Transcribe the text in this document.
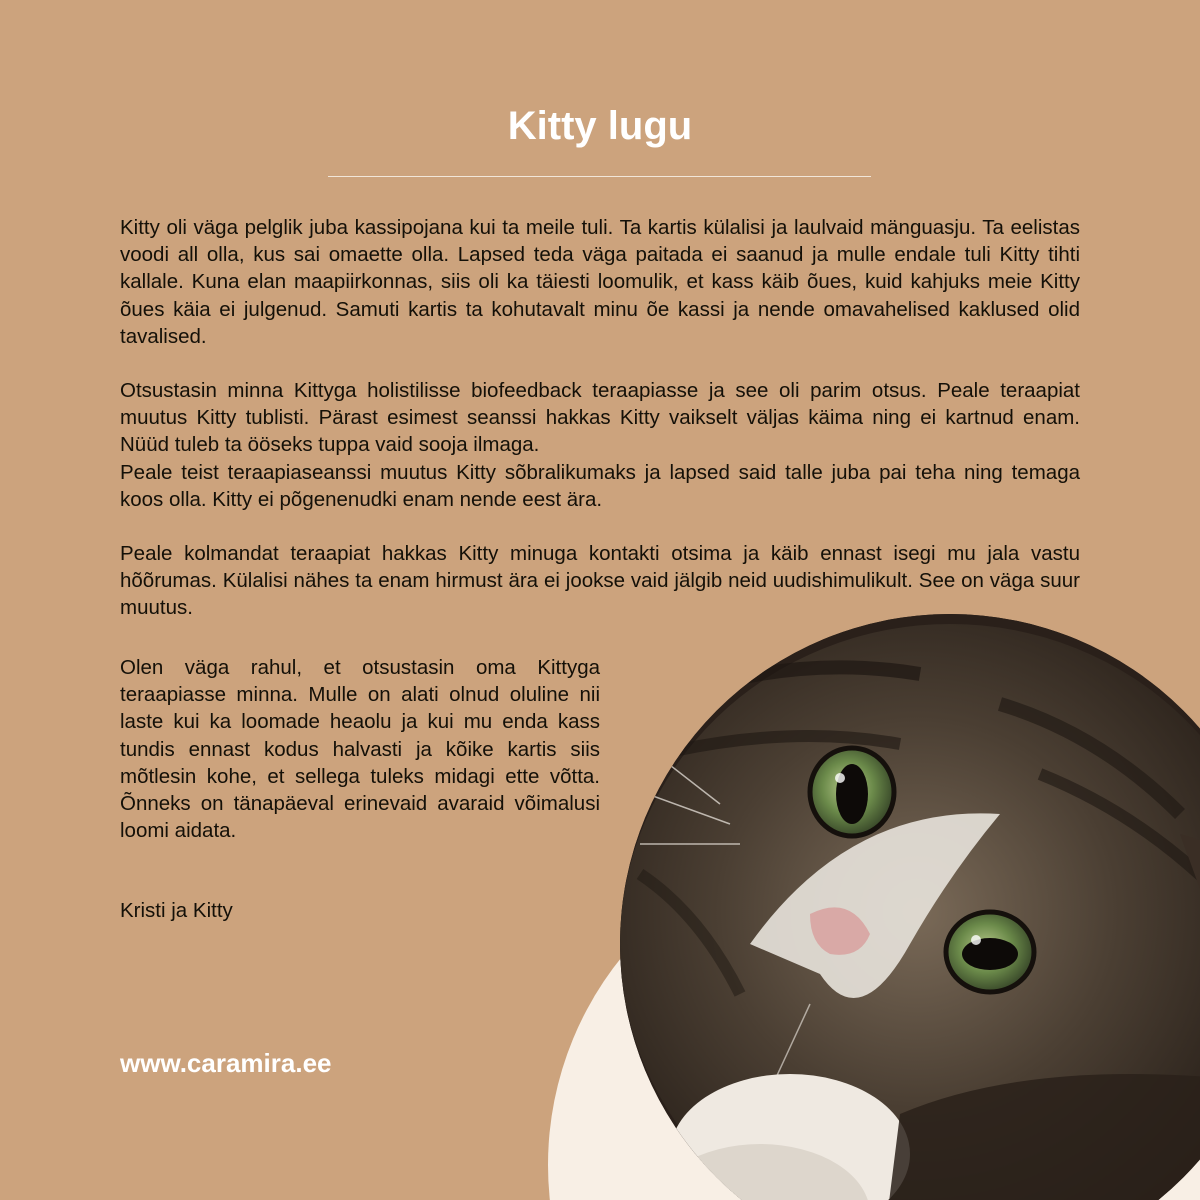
Kitty lugu

Kitty oli väga pelglik juba kassipojana kui ta meile tuli. Ta kartis külalisi ja laulvaid mänguasju. Ta eelistas voodi all olla, kus sai omaette olla. Lapsed teda väga paitada ei saanud ja mulle endale tuli Kitty tihti kallale. Kuna elan maapiirkonnas, siis oli ka täiesti loomulik, et kass käib õues, kuid kahjuks meie Kitty õues käia ei julgenud. Samuti kartis ta kohutavalt minu õe kassi ja nende omavahelised kaklused olid tavalised.

Otsustasin minna Kittyga holistilisse biofeedback teraapiasse ja see oli parim otsus. Peale teraapiat muutus Kitty tublisti. Pärast esimest seanssi hakkas Kitty vaikselt väljas käima ning ei kartnud enam. Nüüd tuleb ta ööseks tuppa vaid sooja ilmaga.

Peale teist teraapiaseanssi muutus Kitty sõbralikumaks ja lapsed said talle juba pai teha ning temaga koos olla. Kitty ei põgenenudki enam nende eest ära.

Peale kolmandat teraapiat hakkas Kitty minuga kontakti otsima ja käib ennast isegi mu jala vastu hõõrumas. Külalisi nähes ta enam hirmust ära ei jookse vaid jälgib neid uudishimulikult. See on väga suur muutus.

Olen väga rahul, et otsustasin oma Kittyga teraapiasse minna. Mulle on alati olnud oluline nii laste kui ka loomade heaolu ja kui mu enda kass tundis ennast kodus halvasti ja kõike kartis siis mõtlesin kohe, et sellega tuleks midagi ette võtta. Õnneks on tänapäeval erinevaid avaraid võimalusi loomi aidata.

Kristi ja Kitty

www.caramira.ee
